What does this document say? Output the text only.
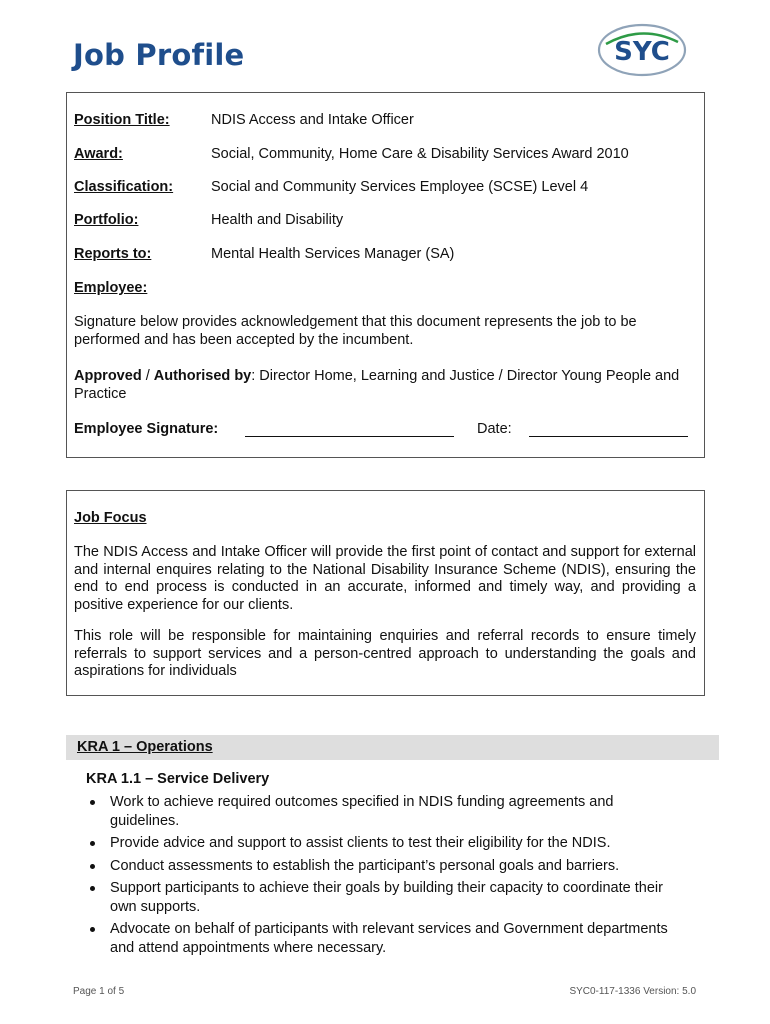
Job Profile	SYC
Position Title:	NDIS Access and Intake Officer
Award:	Social, Community, Home Care & Disability Services Award 2010
Classification:	Social and Community Services Employee (SCSE) Level 4
Portfolio:	Health and Disability
Reports to:	Mental Health Services Manager (SA)
Employee:

Signature below provides acknowledgement that this document represents the job to be performed and has been accepted by the incumbent.

Approved / Authorised by: Director Home, Learning and Justice / Director Young People and Practice

Employee Signature:	Date:
Job Focus

The NDIS Access and Intake Officer will provide the first point of contact and support for external and internal enquires relating to the National Disability Insurance Scheme (NDIS), ensuring the end to end process is conducted in an accurate, informed and timely way, and providing a positive experience for our clients.

This role will be responsible for maintaining enquiries and referral records to ensure timely referrals to support services and a person-centred approach to understanding the goals and aspirations for individuals

KRA 1 – Operations
KRA 1.1 – Service Delivery
Work to achieve required outcomes specified in NDIS funding agreements and guidelines.
Provide advice and support to assist clients to test their eligibility for the NDIS.
Conduct assessments to establish the participant’s personal goals and barriers.
Support participants to achieve their goals by building their capacity to coordinate their own supports.
Advocate on behalf of participants with relevant services and Government departments and attend appointments where necessary.
Page 1 of 5	SYC0-117-1336 Version: 5.0
